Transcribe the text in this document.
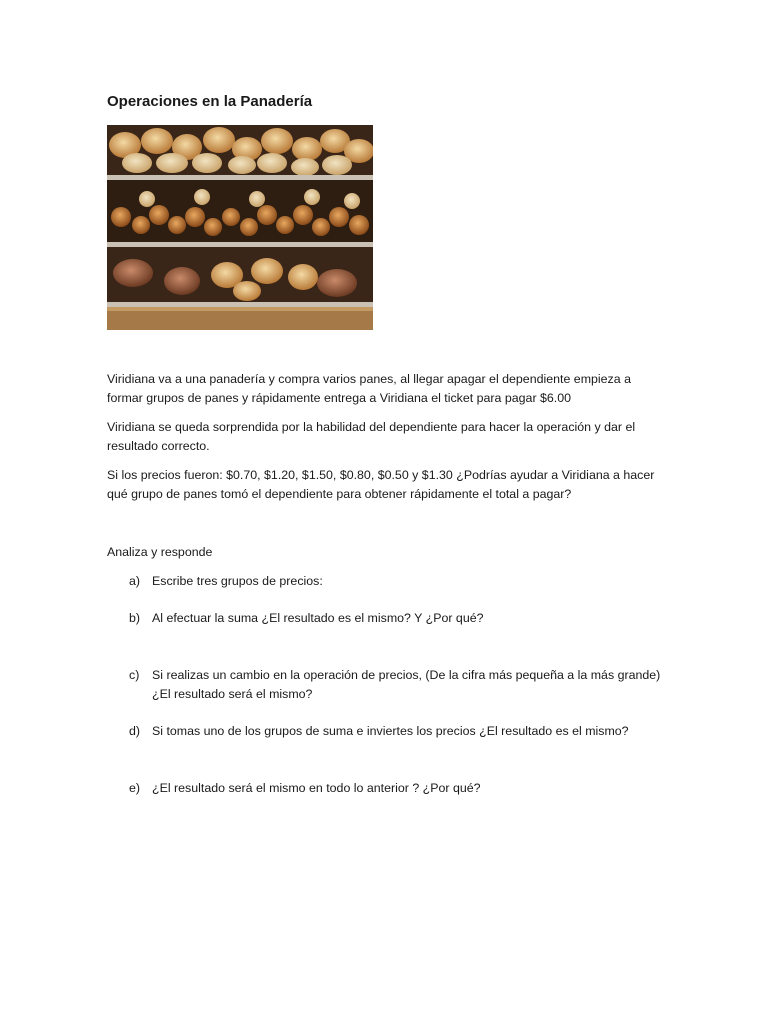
Operaciones en la Panadería

Viridiana va a una panadería y compra varios panes, al llegar apagar el dependiente empieza a formar grupos de panes y rápidamente entrega a Viridiana el ticket para pagar $6.00

Viridiana se queda sorprendida por la habilidad del dependiente para hacer la operación y dar el resultado correcto.

Si los precios fueron: $0.70, $1.20, $1.50, $0.80, $0.50 y $1.30 ¿Podrías ayudar a Viridiana a hacer qué grupo de panes tomó el dependiente para obtener rápidamente el total a pagar?

Analiza y responde

a) Escribe tres grupos de precios:
b) Al efectuar la suma ¿El resultado es el mismo? Y ¿Por qué?
c) Si realizas un cambio en la operación de precios, (De la cifra más pequeña a la más grande) ¿El resultado será el mismo?
d) Si tomas uno de los grupos de suma e inviertes los precios ¿El resultado es el mismo?
e) ¿El resultado será el mismo en todo lo anterior ? ¿Por qué?
